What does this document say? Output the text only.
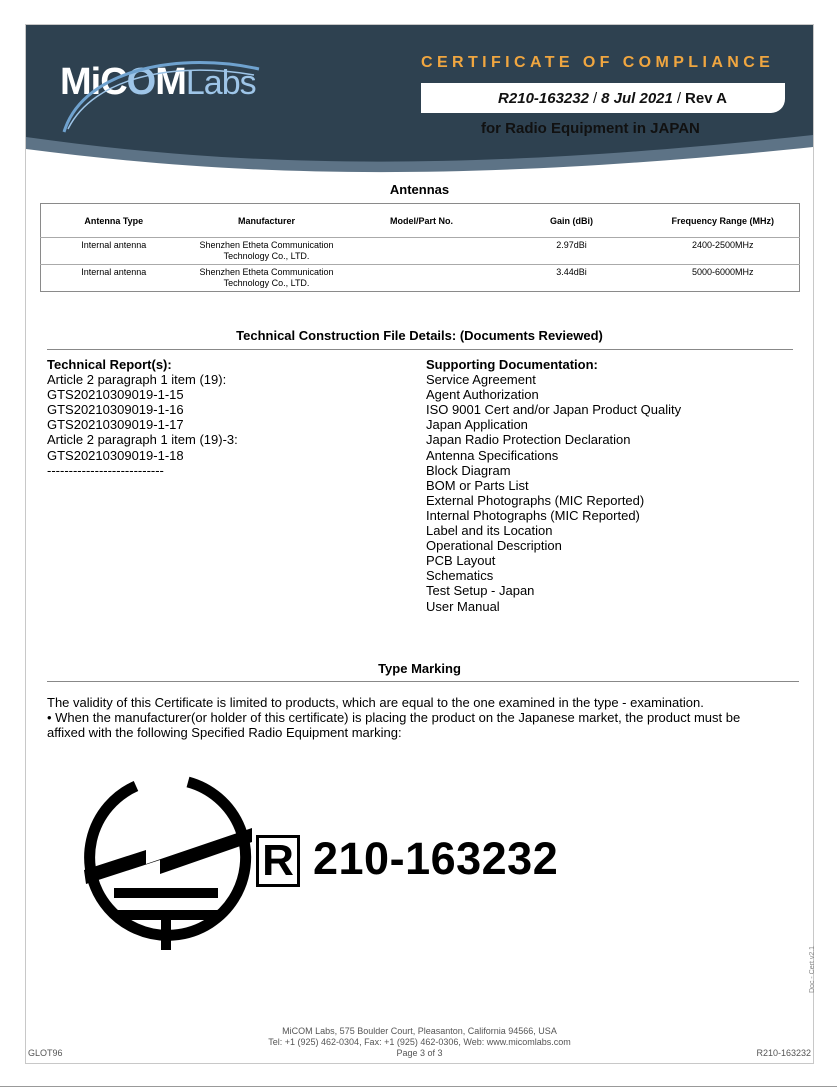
MiC O M Labs
CERTIFICATE OF COMPLIANCE
R210-163232 / 8 Jul 2021 / Rev A
for Radio Equipment in JAPAN
Antennas
Antenna Type	Manufacturer	Model/Part No.	Gain (dBi)	Frequency Range (MHz)
Internal antenna	Shenzhen Etheta Communication
Technology Co., LTD.		2.97dBi	2400-2500MHz
Internal antenna	Shenzhen Etheta Communication
Technology Co., LTD.		3.44dBi	5000-6000MHz
Technical Construction File Details: (Documents Reviewed)
Technical Report(s):
Article 2 paragraph 1 item (19):
GTS20210309019-1-15
GTS20210309019-1-16
GTS20210309019-1-17
Article 2 paragraph 1 item (19)-3:
GTS20210309019-1-18
---------------------------
Supporting Documentation:
Service Agreement
Agent Authorization
ISO 9001 Cert and/or Japan Product Quality
Japan Application
Japan Radio Protection Declaration
Antenna Specifications
Block Diagram
BOM or Parts List
External Photographs (MIC Reported)
Internal Photographs (MIC Reported)
Label and its Location
Operational Description
PCB Layout
Schematics
Test Setup - Japan
User Manual
Type Marking
The validity of this Certificate is limited to products, which are equal to the one examined in the type - examination.
• When the manufacturer(or holder of this certificate) is placing the product on the Japanese market, the product must be
affixed with the following Specified Radio Equipment marking:
R 210-163232
Doc - Cert v2.1
MiCOM Labs, 575 Boulder Court, Pleasanton, California 94566, USA
Tel: +1 (925) 462-0304, Fax: +1 (925) 462-0306, Web: www.micomlabs.com
Page 3 of 3
GLOT96	R210-163232
